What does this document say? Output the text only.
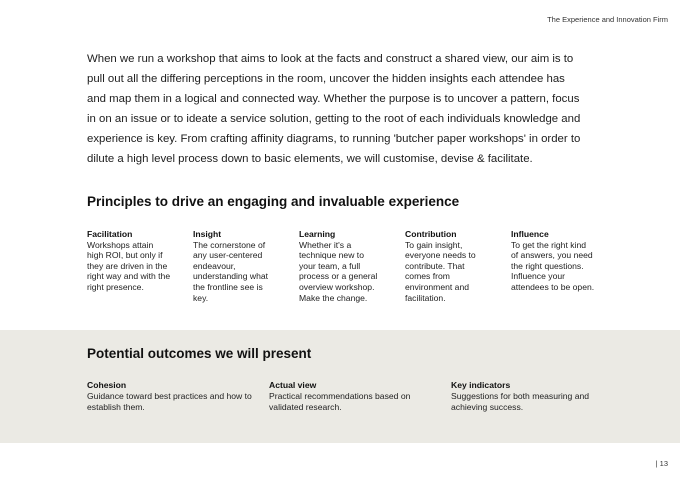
The Experience and Innovation Firm

When we run a workshop that aims to look at the facts and construct a shared view, our aim is to pull out all the differing perceptions in the room, uncover the hidden insights each attendee has and map them in a logical and connected way. Whether the purpose is to uncover a pattern, focus in on an issue or to ideate a service solution, getting to the root of each individuals knowledge and experience is key. From crafting affinity diagrams, to running 'butcher paper workshops' in order to dilute a high level process down to basic elements, we will customise, devise & facilitate.

Principles to drive an engaging and invaluable experience
Facilitation
Workshops attain high ROI, but only if they are driven in the right way and with the right presence.
Insight
The cornerstone of any user-centered endeavour, understanding what the frontline see is key.
Learning
Whether it's a technique new to your team, a full process or a general overview workshop. Make the change.
Contribution
To gain insight, everyone needs to contribute. That comes from environment and facilitation.
Influence
To get the right kind of answers, you need the right questions. Influence your attendees to be open.
Potential outcomes we will present
Cohesion
Guidance toward best practices and how to establish them.
Actual view
Practical recommendations based on validated research.
Key indicators
Suggestions for both measuring and achieving success.
| 13
